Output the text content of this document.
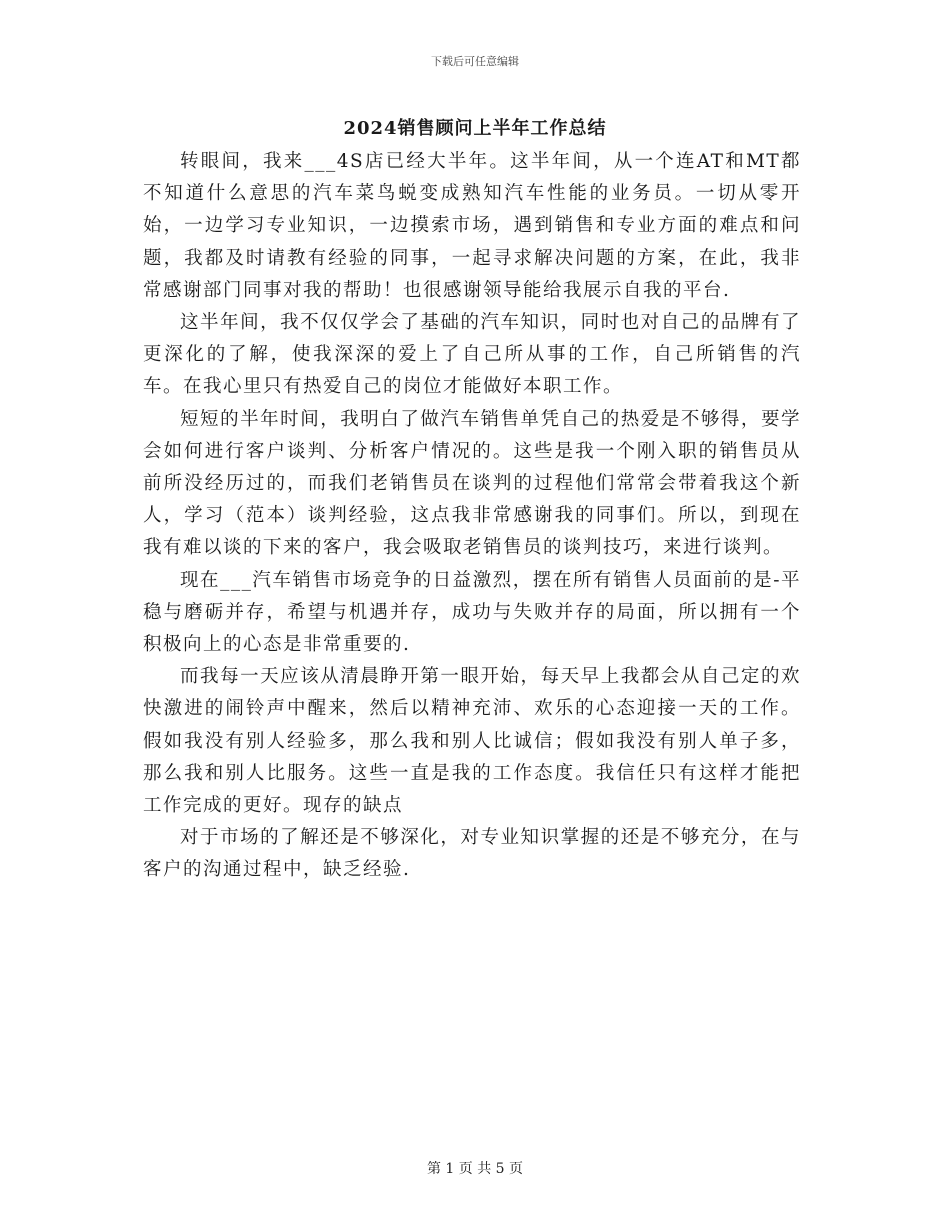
下载后可任意编辑
2024销售顾问上半年工作总结

转眼间，我来___4S店已经大半年。这半年间，从一个连AT和MT都不知道什么意思的汽车菜鸟蜕变成熟知汽车性能的业务员。一切从零开始，一边学习专业知识，一边摸索市场，遇到销售和专业方面的难点和问题，我都及时请教有经验的同事，一起寻求解决问题的方案，在此，我非常感谢部门同事对我的帮助！也很感谢领导能给我展示自我的平台.

这半年间，我不仅仅学会了基础的汽车知识，同时也对自己的品牌有了更深化的了解，使我深深的爱上了自己所从事的工作，自己所销售的汽车。在我心里只有热爱自己的岗位才能做好本职工作。

短短的半年时间，我明白了做汽车销售单凭自己的热爱是不够得，要学会如何进行客户谈判、分析客户情况的。这些是我一个刚入职的销售员从前所没经历过的，而我们老销售员在谈判的过程他们常常会带着我这个新人，学习（范本）谈判经验，这点我非常感谢我的同事们。所以，到现在我有难以谈的下来的客户，我会吸取老销售员的谈判技巧，来进行谈判。

现在___汽车销售市场竞争的日益激烈，摆在所有销售人员面前的是-平稳与磨砺并存，希望与机遇并存，成功与失败并存的局面，所以拥有一个积极向上的心态是非常重要的.

而我每一天应该从清晨睁开第一眼开始，每天早上我都会从自己定的欢快激进的闹铃声中醒来，然后以精神充沛、欢乐的心态迎接一天的工作。假如我没有别人经验多，那么我和别人比诚信；假如我没有别人单子多，那么我和别人比服务。这些一直是我的工作态度。我信任只有这样才能把工作完成的更好。现存的缺点

对于市场的了解还是不够深化，对专业知识掌握的还是不够充分，在与客户的沟通过程中，缺乏经验.

第 1 页 共 5 页
